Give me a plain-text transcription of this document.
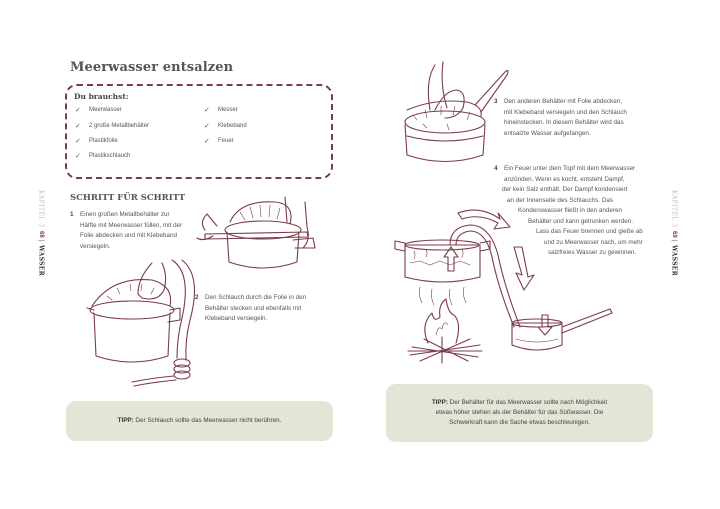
Meerwasser entsalzen
Du brauchst:
✓	Meerwasser
✓	2 große Metallbehälter
✓	Plastikfolie
✓	Plastikschlauch
✓	Messer
✓	Klebeband
✓	Feuer
KAPITEL 3
68
|
WASSER
SCHRITT FÜR SCHRITT
1	Einen großen Metallbehälter zur Hälfte mit Meerwasser füllen, mit der Folie abdecken und mit Klebeband versiegeln.
2	Den Schlauch durch die Folie in den Behälter stecken und ebenfalls mit Klebeband versiegeln.
TIPP: Der Schlauch sollte das Meerwasser nicht berühren.
3	Den anderen Behälter mit Folie abdecken,
mit Klebeband versiegeln und den Schlauch
hineinstecken. In diesem Behälter wird das
entsalzte Wasser aufgefangen.
4	Ein Feuer unter dem Topf mit dem Meerwasser
anzünden. Wenn es kocht, entsteht Dampf,
der kein Salz enthält. Der Dampf kondensiert
an der Innenseite des Schlauchs. Das
Kondenswasser fließt in den anderen
Behälter und kann getrunken werden.
Lass das Feuer brennen und gieße ab
und zu Meerwasser nach, um mehr
salzfreies Wasser zu gewinnen.
KAPITEL 3
69
|
WASSER
TIPP: Der Behälter für das Meerwasser sollte nach Möglichkeit
etwas höher stehen als der Behälter für das Süßwasser. Die
Schwerkraft kann die Sache etwas beschleunigen.
